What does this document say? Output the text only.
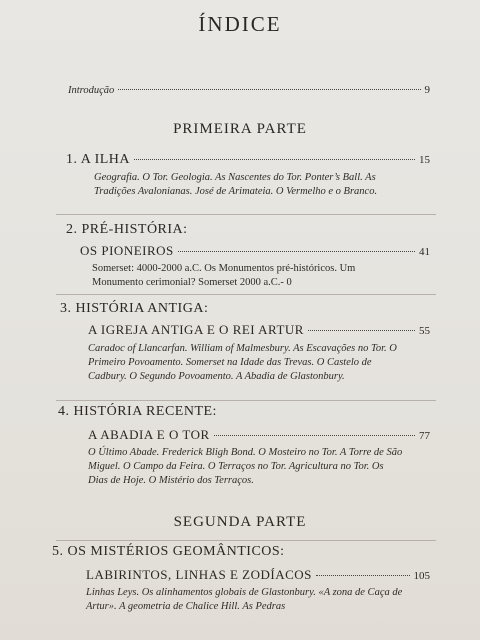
ÍNDICE
Introdução	9
PRIMEIRA PARTE
1. A ILHA	15
Geografia. O Tor. Geologia. As Nascentes do Tor. Ponter’s Ball. As Tradições Avalonianas. José de Arimateia. O Vermelho e o Branco.
2. PRÉ-HISTÓRIA:
OS PIONEIROS	41
Somerset: 4000-2000 a.C. Os Monumentos pré-históricos. Um Monumento cerimonial? Somerset 2000 a.C.- 0
3. HISTÓRIA ANTIGA:
A IGREJA ANTIGA E O REI ARTUR	55
Caradoc of Llancarfan. William of Malmesbury. As Escavações no Tor. O Primeiro Povoamento. Somerset na Idade das Trevas. O Castelo de Cadbury. O Segundo Povoamento. A Abadia de Glastonbury.
4. HISTÓRIA RECENTE:
A ABADIA E O TOR	77
O Último Abade. Frederick Bligh Bond. O Mosteiro no Tor. A Torre de São Miguel. O Campo da Feira. O Terraços no Tor. Agricultura no Tor. Os Dias de Hoje. O Mistério dos Terraços.
SEGUNDA PARTE
5. OS MISTÉRIOS GEOMÂNTICOS:
LABIRINTOS, LINHAS E ZODÍACOS	105
Linhas Leys. Os alinhamentos globais de Glastonbury. «A zona de Caça de Artur». A geometria de Chalice Hill. As Pedras
